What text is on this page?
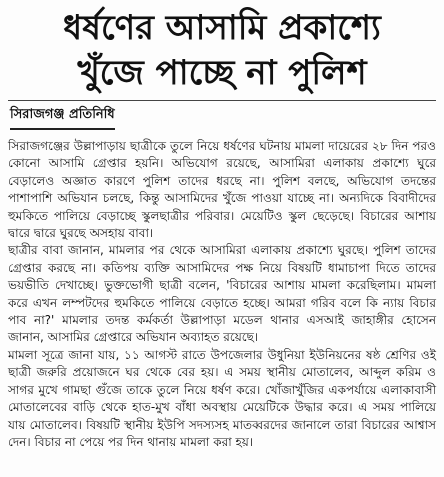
ধর্ষণের আসামি প্রকাশ্যে
খুঁজে পাচ্ছে না পুলিশ
সিরাজগঞ্জ প্রতিনিধি

সিরাজগঞ্জের উল্লাপাড়ায় ছাত্রীকে তুলে নিয়ে ধর্ষণের ঘটনায় মামলা দায়েরের ২৮ দিন পরও কোনো আসামি গ্রেপ্তার হয়নি। অভিযোগ রয়েছে, আসামিরা এলাকায় প্রকাশ্যে ঘুরে বেড়ালেও অজ্ঞাত কারণে পুলিশ তাদের ধরছে না। পুলিশ বলছে, অভিযোগ তদন্তের পাশাপাশি অভিযান চলছে, কিন্তু আসামিদের খুঁজে পাওয়া যাচ্ছে না। অন্যদিকে বিবাদীদের হুমকিতে পালিয়ে বেড়াচ্ছে স্কুলছাত্রীর পরিবার। মেয়েটিও স্কুল ছেড়েছে। বিচারের আশায় দ্বারে দ্বারে ঘুরছে অসহায় বাবা।

ছাত্রীর বাবা জানান, মামলার পর থেকে আসামিরা এলাকায় প্রকাশ্যে ঘুরছে। পুলিশ তাদের গ্রেপ্তার করছে না। কতিপয় ব্যক্তি আসামিদের পক্ষ নিয়ে বিষয়টি ধামাচাপা দিতে তাদের ভয়ভীতি দেখাচ্ছে। ভুক্তভোগী ছাত্রী বলেন, 'বিচারের আশায় মামলা করেছিলাম। মামলা করে এখন লম্পটদের হুমকিতে পালিয়ে বেড়াতে হচ্ছে। আমরা গরিব বলে কি ন্যায় বিচার পাব না?' মামলার তদন্ত কর্মকর্তা উল্লাপাড়া মডেল থানার এসআই জাহাঙ্গীর হোসেন জানান, আসামির গ্রেপ্তারে অভিযান অব্যাহত রয়েছে।

মামলা সূত্রে জানা যায়, ১১ আগস্ট রাতে উপজেলার উধুনিয়া ইউনিয়নের ষষ্ঠ শ্রেণির ওই ছাত্রী জরুরি প্রয়োজনে ঘর থেকে বের হয়। এ সময় স্থানীয় মোতালেব, আব্দুল করিম ও সাগর মুখে গামছা গুঁজে তাকে তুলে নিয়ে ধর্ষণ করে। খোঁজাখুঁজির একপর্যায়ে এলাকাবাসী মোতালেবের বাড়ি থেকে হাত-মুখ বাঁধা অবস্থায় মেয়েটিকে উদ্ধার করে। এ সময় পালিয়ে যায় মোতালেব। বিষয়টি স্থানীয় ইউপি সদস্যসহ মাতব্বরদের জানালে তারা বিচারের আশ্বাস দেন। বিচার না পেয়ে পর দিন থানায় মামলা করা হয়।
